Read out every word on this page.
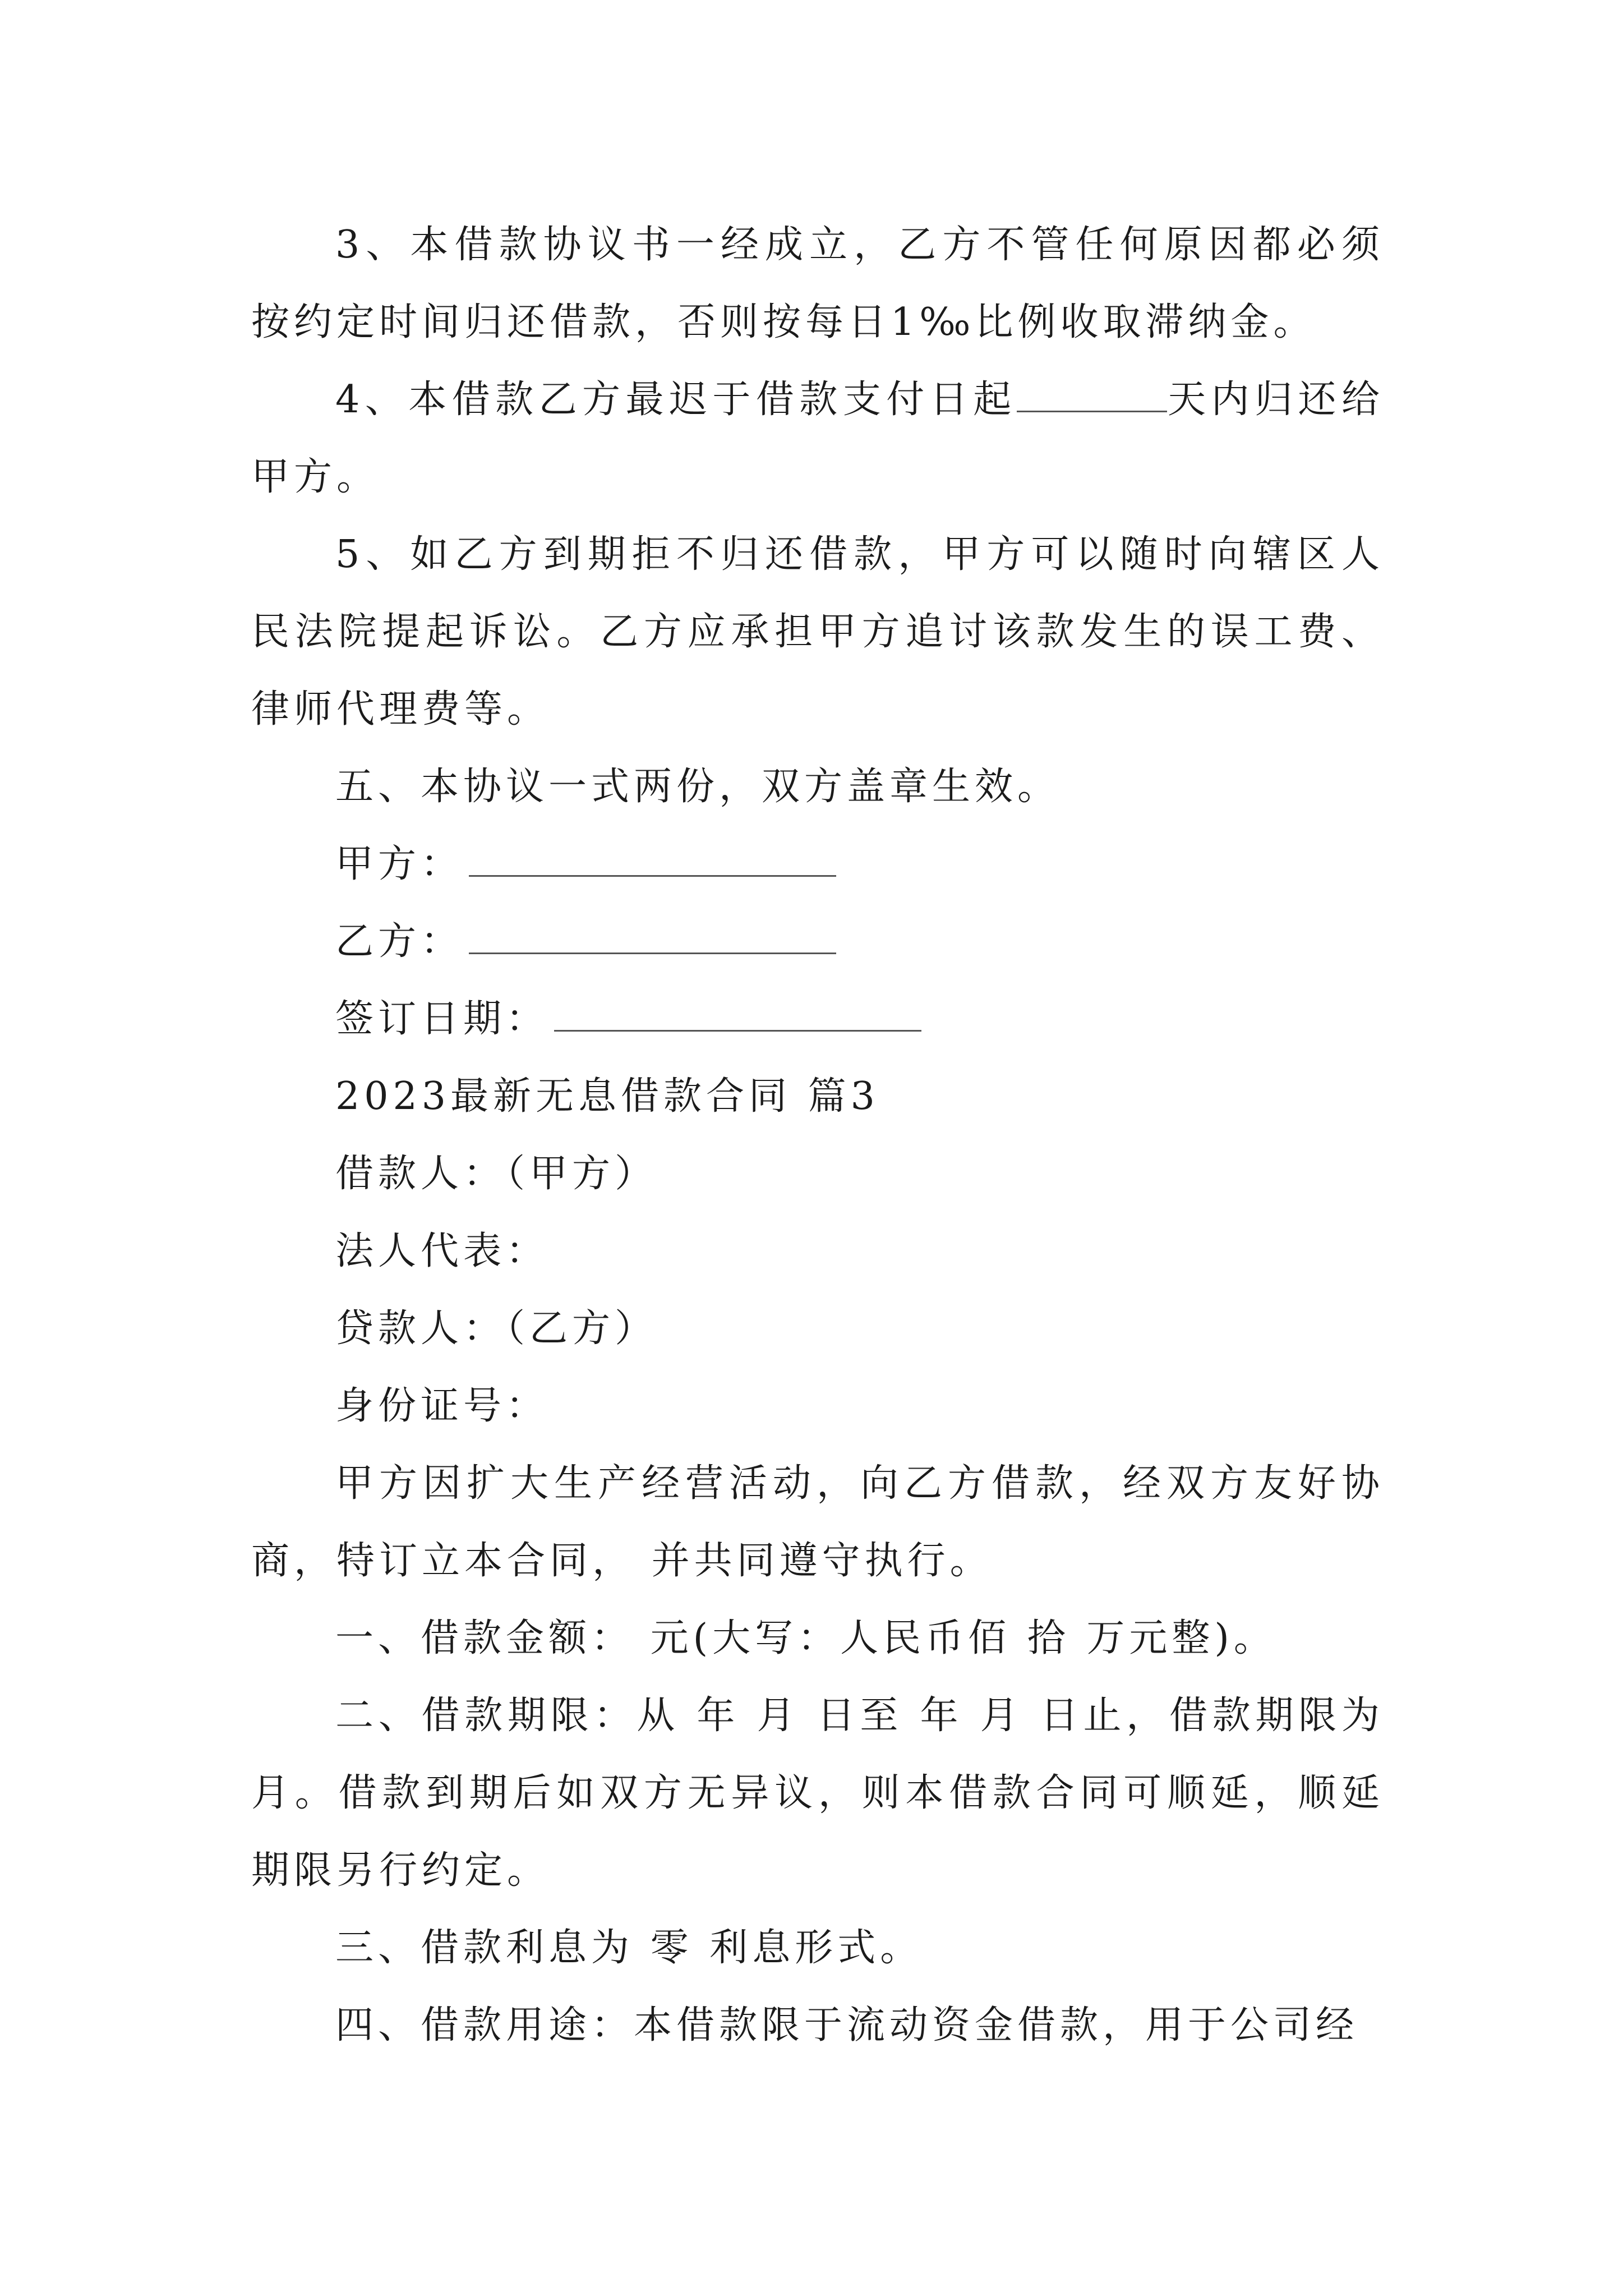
3、本借款协议书一经成立，乙方不管任何原因都必须按约定时间归还借款，否则按每日1‰比例收取滞纳金。

4、本借款乙方最迟于借款支付日起	天内归还给甲方。

5、如乙方到期拒不归还借款，甲方可以随时向辖区人民法院提起诉讼。乙方应承担甲方追讨该款发生的误工费、律师代理费等。

五、本协议一式两份，双方盖章生效。

甲方：

乙方：

签订日期：

2023最新无息借款合同 篇3

借款人：（甲方）

法人代表：

贷款人：（乙方）

身份证号：

甲方因扩大生产经营活动，向乙方借款，经双方友好协商，特订立本合同， 并共同遵守执行。

一、借款金额： 元(大写：人民币佰 拾 万元整)。

二、借款期限：从 年 月 日至 年 月 日止，借款期限为 月。借款到期后如双方无异议，则本借款合同可顺延，顺延期限另行约定。

三、借款利息为 零 利息形式。

四、借款用途：本借款限于流动资金借款，用于公司经
